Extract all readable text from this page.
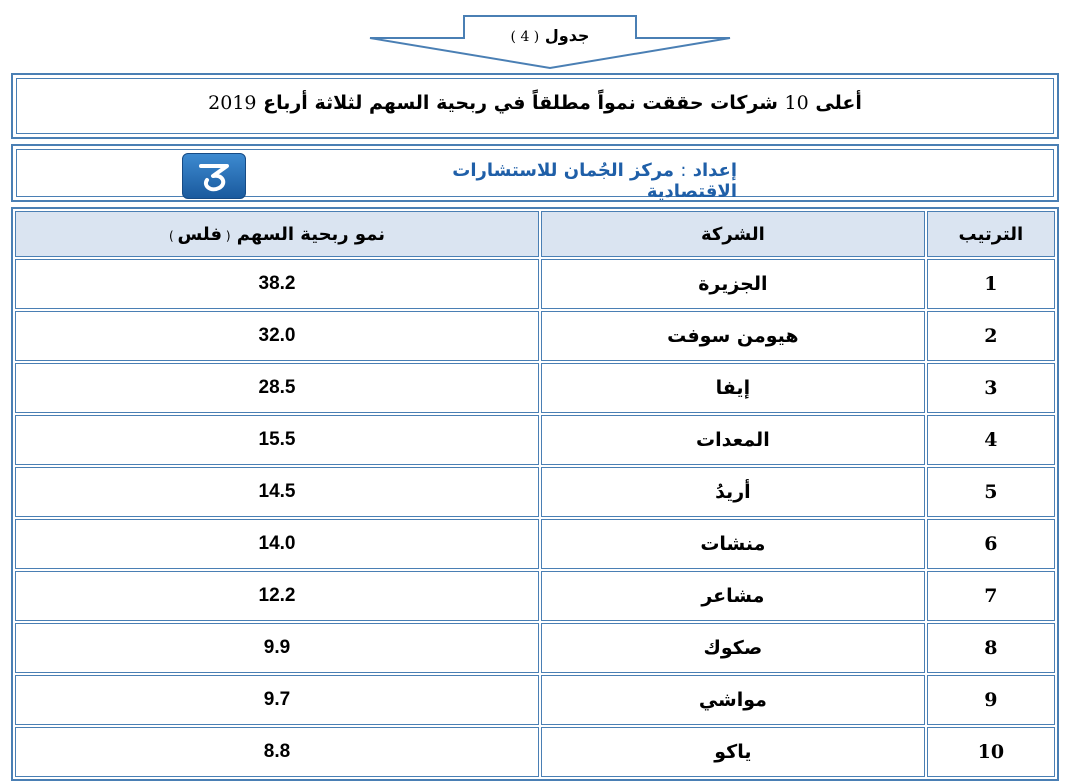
جدول ( 4 )
أعلى 10 شركات حققت نمواً مطلقاً في ربحية السهم لثلاثة أرباع 2019
إعداد : مركز الجُمان للاستشارات الاقتصادية
نمو ربحية السهم ( فلس )	الشركة	الترتيب
38.2	الجزيرة	1
32.0	هيومن سوفت	2
28.5	إيفا	3
15.5	المعدات	4
14.5	أريدُ	5
14.0	منشات	6
12.2	مشاعر	7
9.9	صكوك	8
9.7	مواشي	9
8.8	ياكو	10
